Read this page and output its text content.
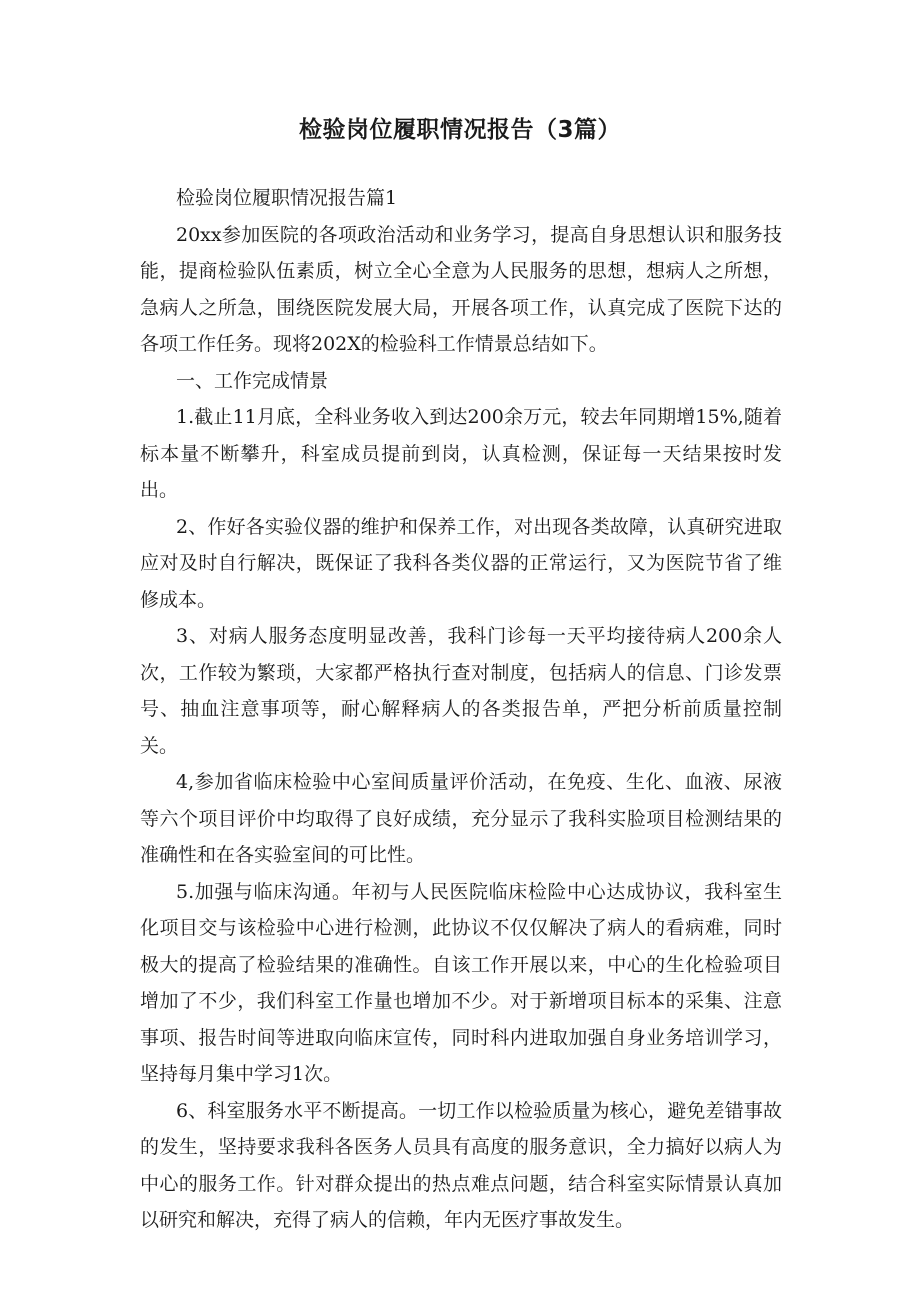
检验岗位履职情况报告（3篇）

检验岗位履职情况报告篇1

20xx参加医院的各项政治活动和业务学习，提高自身思想认识和服务技能，提商检验队伍素质，树立全心全意为人民服务的思想，想病人之所想，急病人之所急，围绕医院发展大局，开展各项工作，认真完成了医院下达的各项工作任务。现将202X的检验科工作情景总结如下。

一、工作完成情景

1.截止11月底，全科业务收入到达200余万元，较去年同期增15%,随着标本量不断攀升，科室成员提前到岗，认真检测，保证每一天结果按时发出。

2、作好各实验仪器的维护和保养工作，对出现各类故障，认真研究进取应对及时自行解决，既保证了我科各类仪器的正常运行，又为医院节省了维修成本。

3、对病人服务态度明显改善，我科门诊每一天平均接待病人200余人次，工作较为繁琐，大家都严格执行查对制度，包括病人的信息、门诊发票号、抽血注意事项等，耐心解释病人的各类报告单，严把分析前质量控制关。

4,参加省临床检验中心室间质量评价活动，在免疫、生化、血液、尿液等六个项目评价中均取得了良好成绩，充分显示了我科实脸项目检测结果的准确性和在各实验室间的可比性。

5.加强与临床沟通。年初与人民医院临床检险中心达成协议，我科室生化项目交与该检验中心进行检测，此协议不仅仅解决了病人的看病难，同时极大的提高了检验结果的准确性。自该工作开展以来，中心的生化检验项目增加了不少，我们科室工作量也增加不少。对于新增项目标本的采集、注意事项、报告时间等进取向临床宣传，同时科内进取加强自身业务培训学习，坚持每月集中学习1次。

6、科室服务水平不断提高。一切工作以检验质量为核心，避免差错事故的发生，坚持要求我科各医务人员具有高度的服务意识，全力搞好以病人为中心的服务工作。针对群众提出的热点难点问题，结合科室实际情景认真加以研究和解决，充得了病人的信赖，年内无医疗事故发生。
